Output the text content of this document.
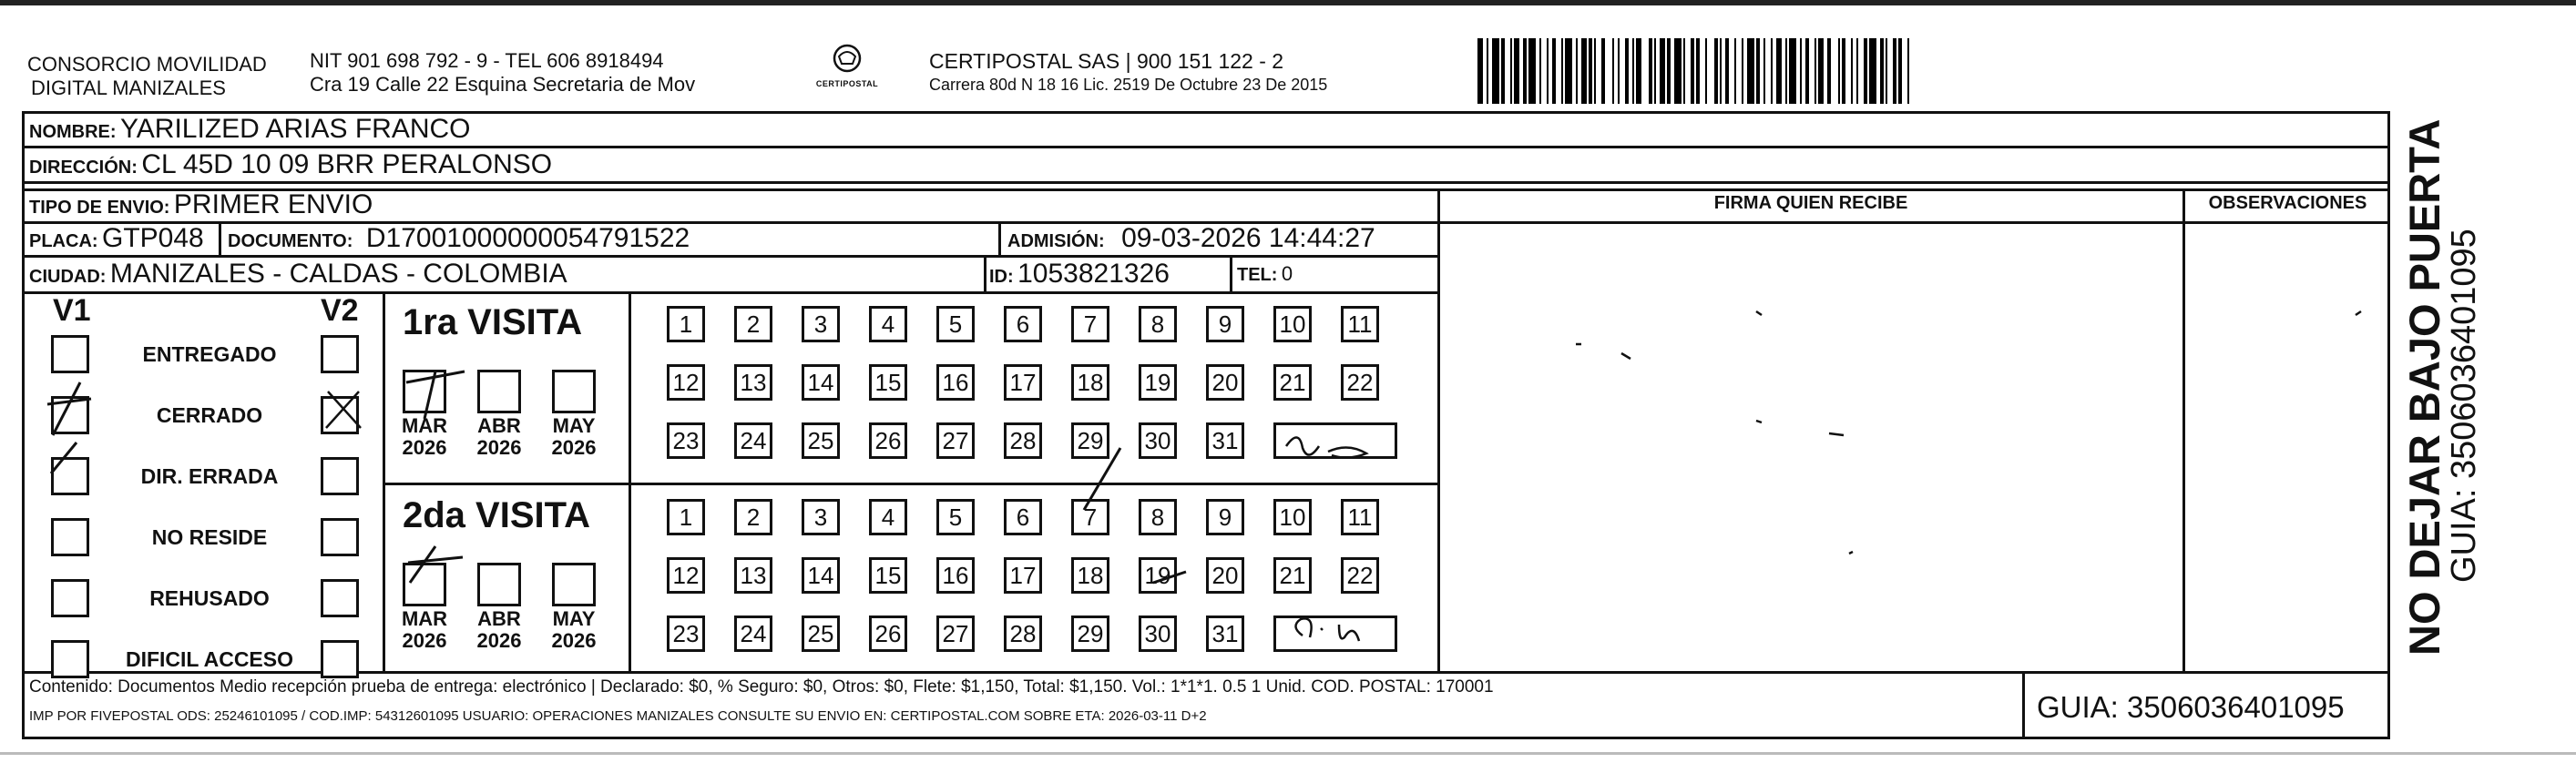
CONSORCIO MOVILIDAD
DIGITAL MANIZALES
NIT 901 698 792 - 9 - TEL 606 8918494
Cra 19 Calle 22 Esquina Secretaria de Mov	CERTIPOSTAL
CERTIPOSTAL SAS | 900 151 122 - 2
Carrera 80d N 18 16 Lic. 2519 De Octubre 23 De 2015
FIRMA QUIEN RECIBE	OBSERVACIONES
NOMBRE: YARILIZED ARIAS FRANCO
DIRECCIÓN: CL 45D 10 09 BRR PERALONSO
TIPO DE ENVIO: PRIMER ENVIO
PLACA: GTP048 DOCUMENTO: D17001000000054791522	ADMISIÓN: 09-03-2026 14:44:27
CIUDAD: MANIZALES - CALDAS - COLOMBIA	ID: 1053821326	TEL: 0
V1	V2
ENTREGADO
CERRADO
DIR. ERRADA
NO RESIDE
REHUSADO
DIFICIL ACCESO
1ra VISITA
MAR
2026
ABR
2026
MAY
2026
1	2	3	4	5	6	7	8	9	10 11
12 13 14 15 16 17 18 19 20 21 22
23 24 25 26 27 28 29 30 31
2da VISITA
MAR
2026
ABR
2026
MAY
2026
1	2	3	4	5	6	7	8	9	10 11
12 13 14 15 16 17 18 19 20 21 22
23 24 25 26 27 28 29 30 31
Contenido: Documentos Medio recepción prueba de entrega: electrónico | Declarado: $0, % Seguro: $0, Otros: $0, Flete: $1,150, Total: $1,150. Vol.: 1*1*1. 0.5 1 Unid. COD. POSTAL: 170001
IMP POR FIVEPOSTAL ODS: 25246101095 / COD.IMP: 54312601095 USUARIO: OPERACIONES MANIZALES CONSULTE SU ENVIO EN: CERTIPOSTAL.COM SOBRE ETA: 2026-03-11 D+2	GUIA: 3506036401095
NO DEJAR BAJO PUERTA
GUIA: 3506036401095
